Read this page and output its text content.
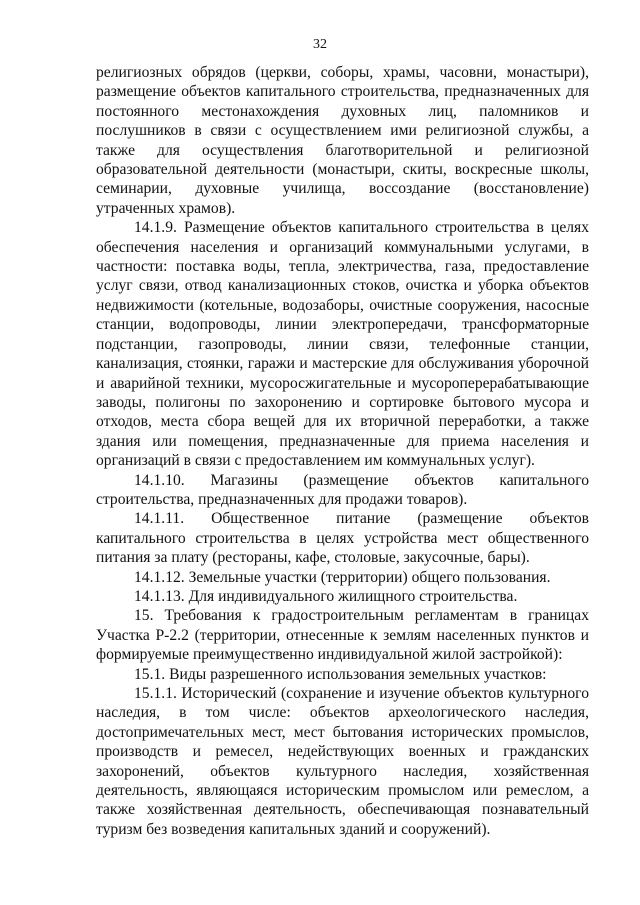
32

религиозных обрядов (церкви, соборы, храмы, часовни, монастыри), размещение объектов капитального строительства, предназначенных для постоянного местонахождения духовных лиц, паломников и послушников в связи с осуществлением ими религиозной службы, а также для осуществления благотворительной и религиозной образовательной деятельности (монастыри, скиты, воскресные школы, семинарии, духовные училища, воссоздание (восстановление) утраченных храмов).

14.1.9. Размещение объектов капитального строительства в целях обеспечения населения и организаций коммунальными услугами, в частности: поставка воды, тепла, электричества, газа, предоставление услуг связи, отвод канализационных стоков, очистка и уборка объектов недвижимости (котельные, водозаборы, очистные сооружения, насосные станции, водопроводы, линии электропередачи, трансформаторные подстанции, газопроводы, линии связи, телефонные станции, канализация, стоянки, гаражи и мастерские для обслуживания уборочной и аварийной техники, мусоросжигательные и мусороперерабатывающие заводы, полигоны по захоронению и сортировке бытового мусора и отходов, места сбора вещей для их вторичной переработки, а также здания или помещения, предназначенные для приема населения и организаций в связи с предоставлением им коммунальных услуг).

14.1.10. Магазины (размещение объектов капитального строительства, предназначенных для продажи товаров).

14.1.11. Общественное питание (размещение объектов капитального строительства в целях устройства мест общественного питания за плату (рестораны, кафе, столовые, закусочные, бары).

14.1.12. Земельные участки (территории) общего пользования.

14.1.13. Для индивидуального жилищного строительства.

15. Требования к градостроительным регламентам в границах Участка Р-2.2 (территории, отнесенные к землям населенных пунктов и формируемые преимущественно индивидуальной жилой застройкой):

15.1. Виды разрешенного использования земельных участков:

15.1.1. Исторический (сохранение и изучение объектов культурного наследия, в том числе: объектов археологического наследия, достопримечательных мест, мест бытования исторических промыслов, производств и ремесел, недействующих военных и гражданских захоронений, объектов культурного наследия, хозяйственная деятельность, являющаяся историческим промыслом или ремеслом, а также хозяйственная деятельность, обеспечивающая познавательный туризм без возведения капитальных зданий и сооружений).
